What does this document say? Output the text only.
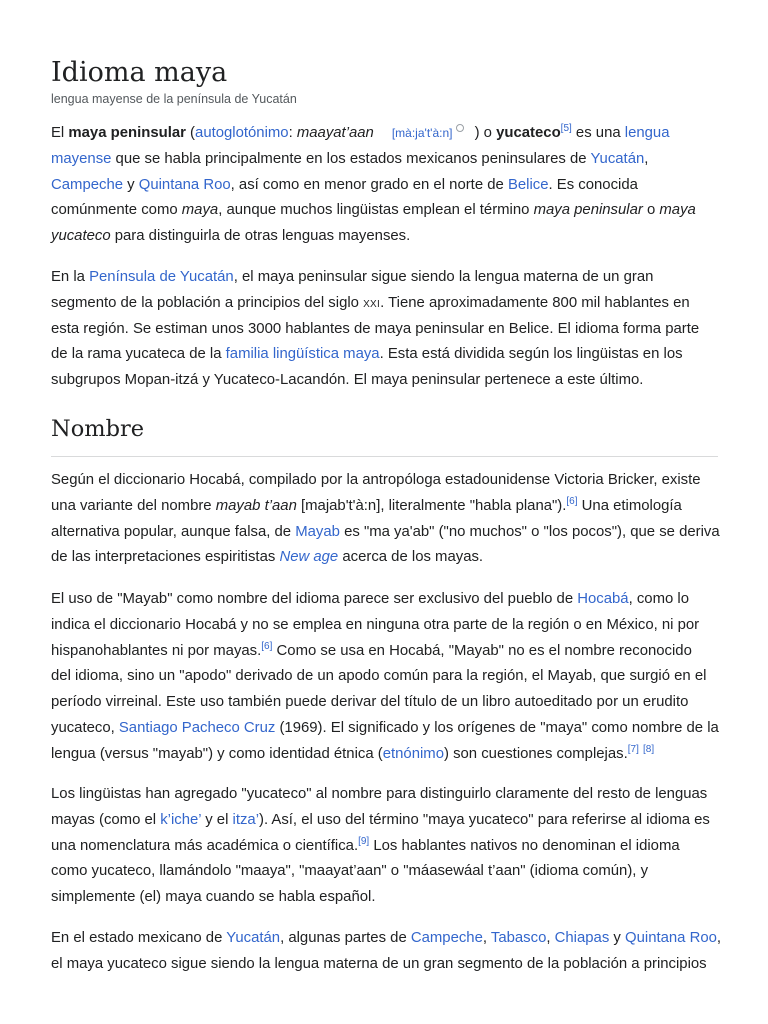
Idioma maya
lengua mayense de la península de Yucatán
El maya peninsular (autoglotónimo: maayat’aan [mà:ja't'à:n] ) o yucateco[5] es una lengua
mayense que se habla principalmente en los estados mexicanos peninsulares de Yucatán,
Campeche y Quintana Roo, así como en menor grado en el norte de Belice. Es conocida
comúnmente como maya, aunque muchos lingüistas emplean el término maya peninsular o maya
yucateco para distinguirla de otras lenguas mayenses.
En la Península de Yucatán, el maya peninsular sigue siendo la lengua materna de un gran
segmento de la población a principios del siglo xxi. Tiene aproximadamente 800 mil hablantes en
esta región. Se estiman unos 3000 hablantes de maya peninsular en Belice. El idioma forma parte
de la rama yucateca de la familia lingüística maya. Esta está dividida según los lingüistas en los
subgrupos Mopan-itzá y Yucateco-Lacandón. El maya peninsular pertenece a este último.
Nombre
Según el diccionario Hocabá, compilado por la antropóloga estadounidense Victoria Bricker, existe
una variante del nombre mayab t’aan [majab't'à:n], literalmente "habla plana").[6] Una etimología
alternativa popular, aunque falsa, de Mayab es "ma ya'ab" ("no muchos" o "los pocos"), que se deriva
de las interpretaciones espiritistas New age acerca de los mayas.
El uso de "Mayab" como nombre del idioma parece ser exclusivo del pueblo de Hocabá, como lo
indica el diccionario Hocabá y no se emplea en ninguna otra parte de la región o en México, ni por
hispanohablantes ni por mayas.[6] Como se usa en Hocabá, "Mayab" no es el nombre reconocido
del idioma, sino un "apodo" derivado de un apodo común para la región, el Mayab, que surgió en el
período virreinal. Este uso también puede derivar del título de un libro autoeditado por un erudito
yucateco, Santiago Pacheco Cruz (1969). El significado y los orígenes de "maya" como nombre de la
lengua (versus "mayab") y como identidad étnica (etnónimo) son cuestiones complejas.[7] [8]
Los lingüistas han agregado "yucateco" al nombre para distinguirlo claramente del resto de lenguas
mayas (como el k’iche’ y el itza’). Así, el uso del término "maya yucateco" para referirse al idioma es
una nomenclatura más académica o científica.[9] Los hablantes nativos no denominan el idioma
como yucateco, llamándolo "maaya", "maayat’aan" o "máasewáal t’aan" (idioma común), y
simplemente (el) maya cuando se habla español.
En el estado mexicano de Yucatán, algunas partes de Campeche, Tabasco, Chiapas y Quintana Roo,
el maya yucateco sigue siendo la lengua materna de un gran segmento de la población a principios
